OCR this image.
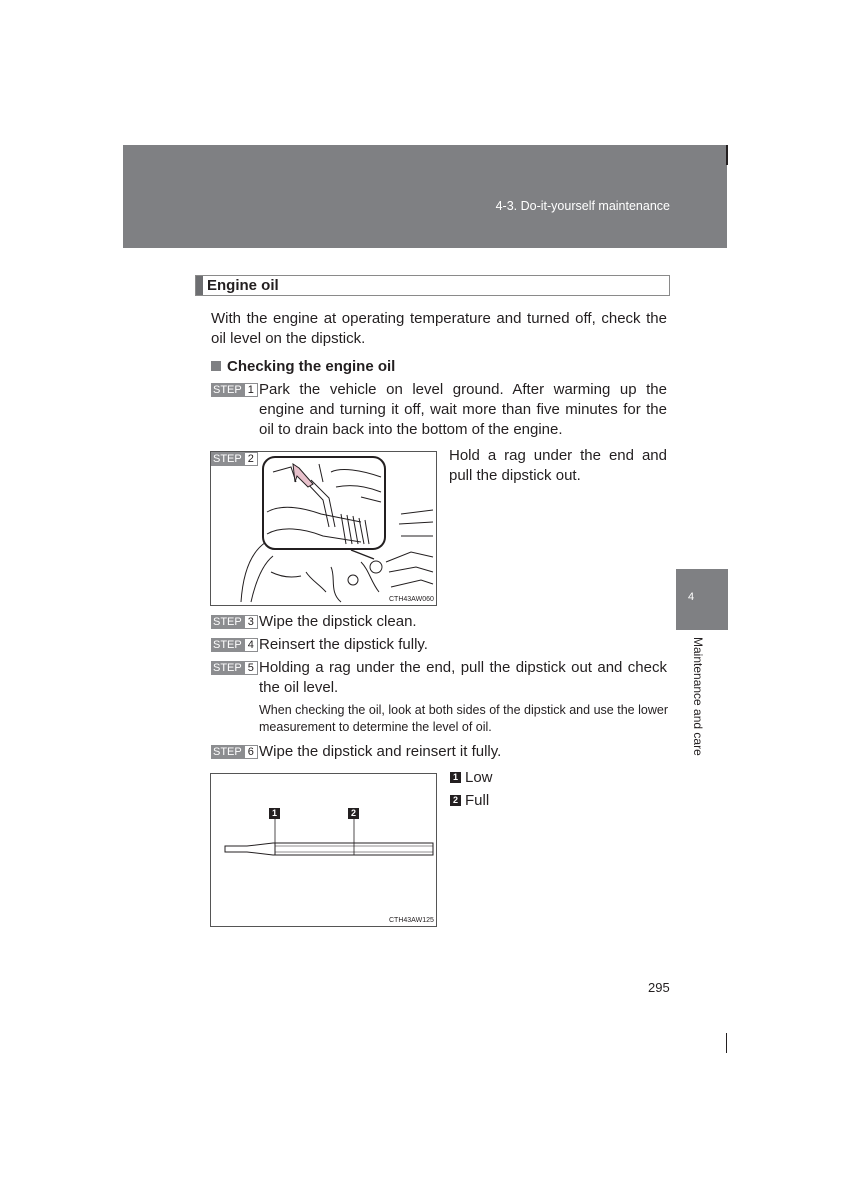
4-3. Do-it-yourself maintenance
4
Maintenance and care
Engine oil
With the engine at operating temperature and turned off, check the oil level on the dipstick.
Checking the engine oil
STEP 1 Park the vehicle on level ground. After warming up the engine and turning it off, wait more than five minutes for the oil to drain back into the bottom of the engine.
CTH43AW060
STEP 2	Hold a rag under the end and pull the dipstick out.
STEP 3 Wipe the dipstick clean.
STEP 4 Reinsert the dipstick fully.
STEP 5 Holding a rag under the end, pull the dipstick out and check the oil level.
When checking the oil, look at both sides of the dipstick and use the lower measurement to determine the level of oil.
STEP 6 Wipe the dipstick and reinsert it fully.
1	2
CTH43AW125
1 Low
2 Full
295
